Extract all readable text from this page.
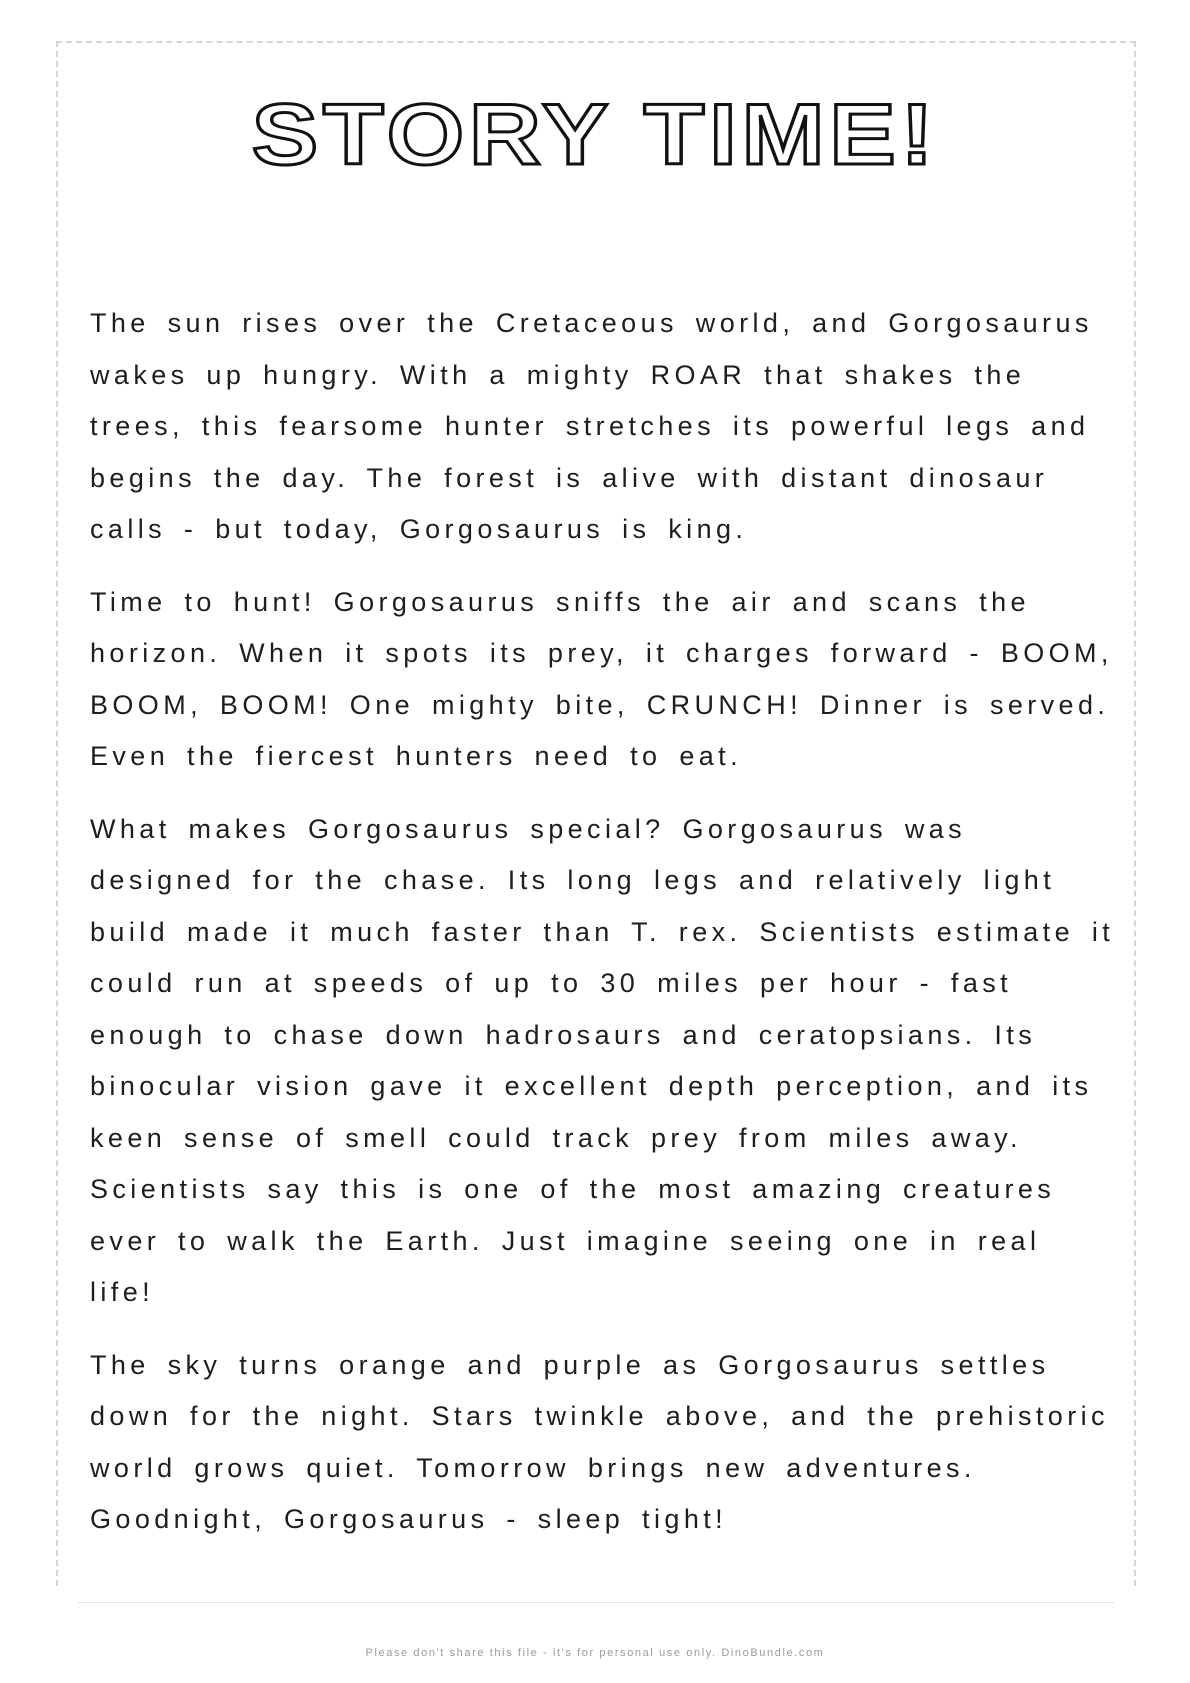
STORY TIME!

The sun rises over the Cretaceous world, and Gorgosaurus wakes up hungry. With a mighty ROAR that shakes the trees, this fearsome hunter stretches its powerful legs and begins the day. The forest is alive with distant dinosaur calls - but today, Gorgosaurus is king.

Time to hunt! Gorgosaurus sniffs the air and scans the horizon. When it spots its prey, it charges forward - BOOM, BOOM, BOOM! One mighty bite, CRUNCH! Dinner is served. Even the fiercest hunters need to eat.

What makes Gorgosaurus special? Gorgosaurus was designed for the chase. Its long legs and relatively light build made it much faster than T. rex. Scientists estimate it could run at speeds of up to 30 miles per hour - fast enough to chase down hadrosaurs and ceratopsians. Its binocular vision gave it excellent depth perception, and its keen sense of smell could track prey from miles away. Scientists say this is one of the most amazing creatures ever to walk the Earth. Just imagine seeing one in real life!

The sky turns orange and purple as Gorgosaurus settles down for the night. Stars twinkle above, and the prehistoric world grows quiet. Tomorrow brings new adventures. Goodnight, Gorgosaurus - sleep tight!

Please don't share this file - it's for personal use only. DinoBundle.com
